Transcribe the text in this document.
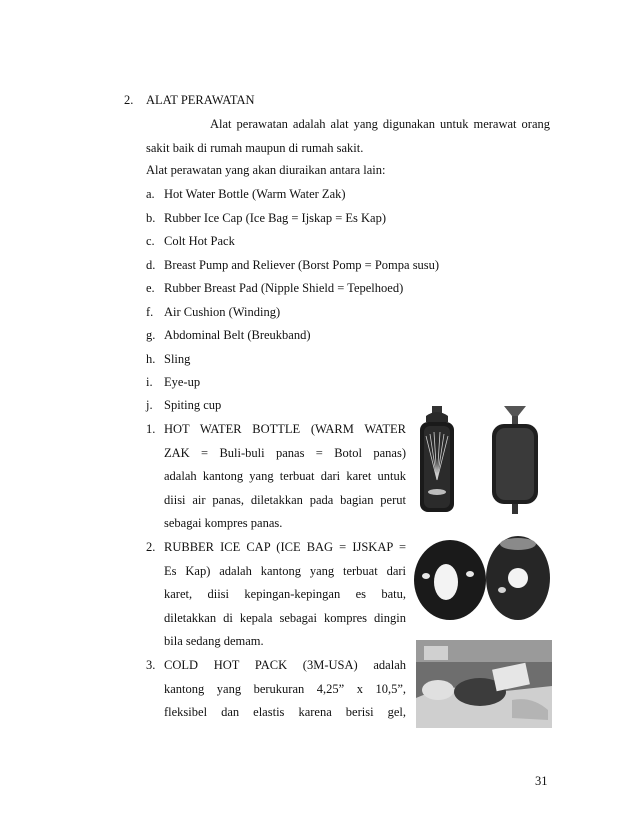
2. ALAT PERAWATAN
Alat perawatan adalah alat yang digunakan untuk merawat orang
sakit baik di rumah maupun di rumah sakit.
Alat perawatan yang akan diuraikan antara lain:
a. Hot Water Bottle (Warm Water Zak)
b. Rubber Ice Cap (Ice Bag = Ijskap = Es Kap)
c. Colt Hot Pack
d. Breast Pump and Reliever (Borst Pomp = Pompa susu)
e. Rubber Breast Pad (Nipple Shield = Tepelhoed)
f. Air Cushion (Winding)
g. Abdominal Belt (Breukband)
h. Sling
i. Eye-up
j. Spiting cup
1. HOT WATER BOTTLE (WARM WATER
ZAK = Buli-buli panas = Botol panas)
adalah kantong yang terbuat dari karet untuk
diisi air panas, diletakkan pada bagian perut
sebagai kompres panas.
2. RUBBER ICE CAP (ICE BAG = IJSKAP =
Es Kap) adalah kantong yang terbuat dari
karet, diisi kepingan-kepingan es batu,
diletakkan di kepala sebagai kompres dingin
bila sedang demam.
3. COLD HOT PACK (3M-USA) adalah
kantong yang berukuran 4,25” x 10,5”,
fleksibel dan elastis karena berisi gel,
31
